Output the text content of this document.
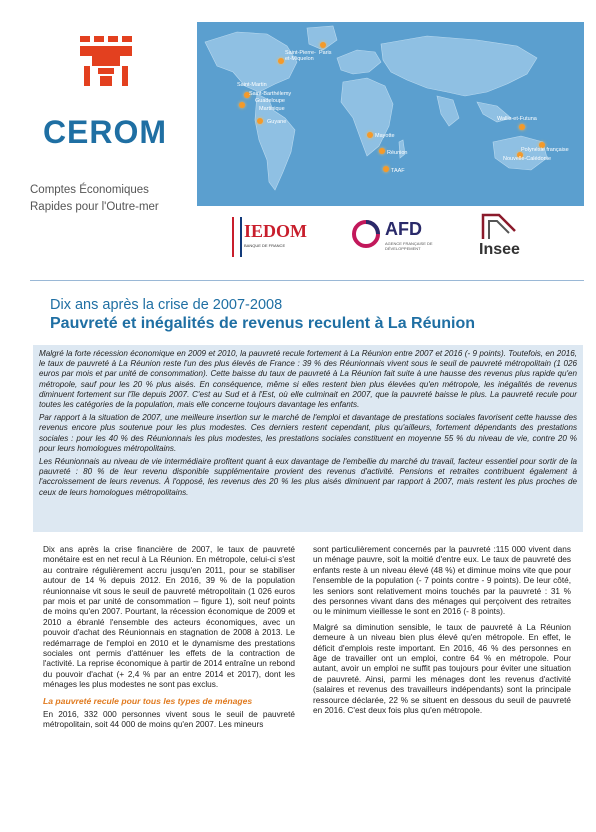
CEROM
Comptes Économiques
Rapides pour l'Outre-mer
Saint-Pierre-
et-Miquelon
Paris
Saint-Martin
Saint-Barthélemy
Guadeloupe
Martinique
Guyane
Mayotte
Réunion
TAAF
Wallis-et-Futuna
Polynésie française
Nouvelle-Calédonie
IEDOM
BANQUE DE FRANCE
AFD
AGENCE FRANÇAISE DE DÉVELOPPEMENT	Insee
Dix ans après la crise de 2007-2008
Pauvreté et inégalités de revenus reculent à La Réunion

Malgré la forte récession économique en 2009 et 2010, la pauvreté recule fortement à La Réunion entre 2007 et 2016 (- 9 points). Toutefois, en 2016, le taux de pauvreté à La Réunion reste l'un des plus élevés de France : 39 % des Réunionnais vivent sous le seuil de pauvreté métropolitain (1 026 euros par mois et par unité de consommation). Cette baisse du taux de pauvreté à La Réunion fait suite à une hausse des revenus plus rapide qu'en métropole, sauf pour les 20 % plus aisés. En conséquence, même si elles restent bien plus élevées qu'en métropole, les inégalités de revenus diminuent fortement sur l'île depuis 2007. C'est au Sud et à l'Est, où elle culminait en 2007, que la pauvreté baisse le plus. La pauvreté recule pour toutes les catégories de la population, mais elle concerne toujours davantage les enfants.

Par rapport à la situation de 2007, une meilleure insertion sur le marché de l'emploi et davantage de prestations sociales favorisent cette hausse des revenus encore plus soutenue pour les plus modestes. Ces derniers restent cependant, plus qu'ailleurs, fortement dépendants des prestations sociales : pour les 40 % des Réunionnais les plus modestes, les prestations sociales constituent en moyenne 55 % du niveau de vie, contre 20 % pour leurs homologues métropolitains.

Les Réunionnais au niveau de vie intermédiaire profitent quant à eux davantage de l'embellie du marché du travail, facteur essentiel pour sortir de la pauvreté : 80 % de leur revenu disponible supplémentaire provient des revenus d'activité. Pensions et retraites contribuent également à l'accroissement de leurs revenus. À l'opposé, les revenus des 20 % les plus aisés diminuent par rapport à 2007, mais restent les plus proches de ceux de leurs homologues métropolitains.

Dix ans après la crise financière de 2007, le taux de pauvreté monétaire est en net recul à La Réunion. En métropole, celui-ci s'est au contraire régulièrement accru jusqu'en 2011, pour se stabiliser autour de 14 % depuis 2012. En 2016, 39 % de la population réunionnaise vit sous le seuil de pauvreté métropolitain (1 026 euros par mois et par unité de consommation – figure 1), soit neuf points de moins qu'en 2007. Pourtant, la récession économique de 2009 et 2010 a ébranlé l'ensemble des acteurs économiques, avec un pouvoir d'achat des Réunionnais en stagnation de 2008 à 2013. Le redémarrage de l'emploi en 2010 et le dynamisme des prestations sociales ont permis d'atténuer les effets de la contraction de l'activité. La reprise économique à partir de 2014 entraîne un rebond du pouvoir d'achat (+ 2,4 % par an entre 2014 et 2017), dont les ménages les plus modestes ne sont pas exclus.

La pauvreté recule pour tous les types de ménages

En 2016, 332 000 personnes vivent sous le seuil de pauvreté métropolitain, soit 44 000 de moins qu'en 2007. Les mineurs

sont particulièrement concernés par la pauvreté :115 000 vivent dans un ménage pauvre, soit la moitié d'entre eux. Le taux de pauvreté des enfants reste à un niveau élevé (48 %) et diminue moins vite que pour l'ensemble de la population (- 7 points contre - 9 points). De leur côté, les seniors sont relativement moins touchés par la pauvreté : 31 % des personnes vivant dans des ménages qui perçoivent des retraites ou le minimum vieillesse le sont en 2016 (- 8 points).

Malgré sa diminution sensible, le taux de pauvreté à La Réunion demeure à un niveau bien plus élevé qu'en métropole. En effet, le déficit d'emplois reste important. En 2016, 46 % des personnes en âge de travailler ont un emploi, contre 64 % en métropole. Pour autant, avoir un emploi ne suffit pas toujours pour éviter une situation de pauvreté. Ainsi, parmi les ménages dont les revenus d'activité (salaires et revenus des travailleurs indépendants) sont la principale ressource déclarée, 22 % se situent en dessous du seuil de pauvreté en 2016. C'est deux fois plus qu'en métropole.
